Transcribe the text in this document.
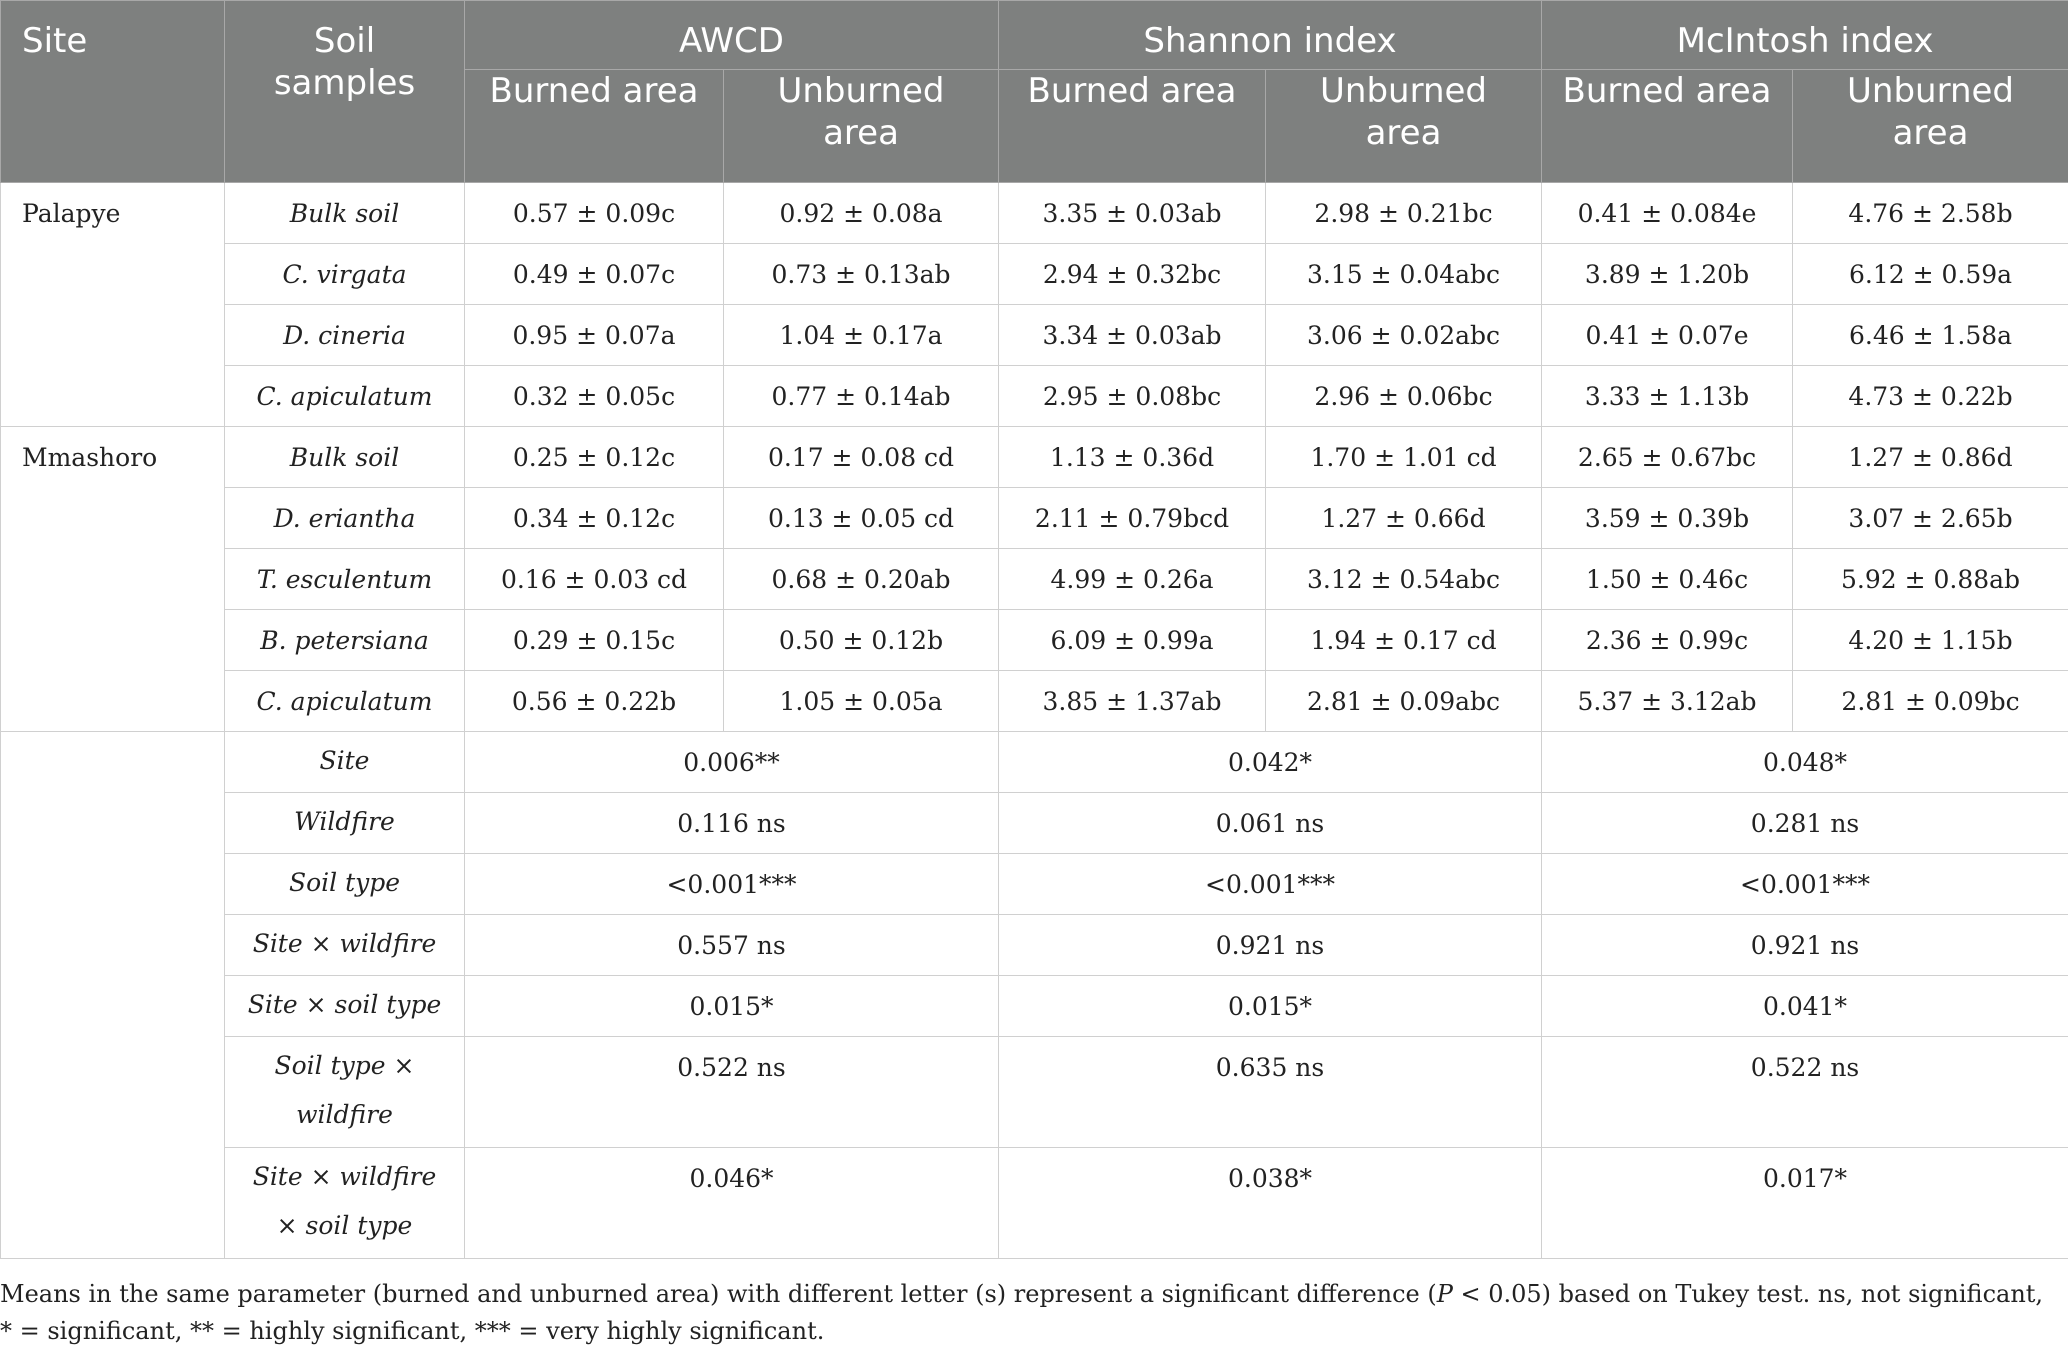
Site	Soil samples	AWCD		Shannon index		McIntosh index	
		Burned area	Unburned area	Burned area	Unburned area	Burned area	Unburned area
Palapye	Bulk soil	0.57 ± 0.09c	0.92 ± 0.08a	3.35 ± 0.03ab	2.98 ± 0.21bc	0.41 ± 0.084e	4.76 ± 2.58b
	C. virgata	0.49 ± 0.07c	0.73 ± 0.13ab	2.94 ± 0.32bc	3.15 ± 0.04abc	3.89 ± 1.20b	6.12 ± 0.59a
	D. cineria	0.95 ± 0.07a	1.04 ± 0.17a	3.34 ± 0.03ab	3.06 ± 0.02abc	0.41 ± 0.07e	6.46 ± 1.58a
	C. apiculatum	0.32 ± 0.05c	0.77 ± 0.14ab	2.95 ± 0.08bc	2.96 ± 0.06bc	3.33 ± 1.13b	4.73 ± 0.22b
Mmashoro	Bulk soil	0.25 ± 0.12c	0.17 ± 0.08 cd	1.13 ± 0.36d	1.70 ± 1.01 cd	2.65 ± 0.67bc	1.27 ± 0.86d
	D. eriantha	0.34 ± 0.12c	0.13 ± 0.05 cd	2.11 ± 0.79bcd	1.27 ± 0.66d	3.59 ± 0.39b	3.07 ± 2.65b
	T. esculentum	0.16 ± 0.03 cd	0.68 ± 0.20ab	4.99 ± 0.26a	3.12 ± 0.54abc	1.50 ± 0.46c	5.92 ± 0.88ab
	B. petersiana	0.29 ± 0.15c	0.50 ± 0.12b	6.09 ± 0.99a	1.94 ± 0.17 cd	2.36 ± 0.99c	4.20 ± 1.15b
	C. apiculatum	0.56 ± 0.22b	1.05 ± 0.05a	3.85 ± 1.37ab	2.81 ± 0.09abc	5.37 ± 3.12ab	2.81 ± 0.09bc
	Site	0.006**		0.042*		0.048*	
	Wildfire	0.116 ns		0.061 ns		0.281 ns	
	Soil type	<0.001***		<0.001***		<0.001***	
	Site × wildfire	0.557 ns		0.921 ns		0.921 ns	
	Site × soil type	0.015*		0.015*		0.041*	
	Soil type × wildfire	0.522 ns		0.635 ns		0.522 ns	
	Site × wildfire × soil type	0.046*		0.038*		0.017*	
Means in the same parameter (burned and unburned area) with different letter (s) represent a significant difference (P < 0.05) based on Tukey test. ns, not significant, * = significant, ** = highly significant, *** = very highly significant.
